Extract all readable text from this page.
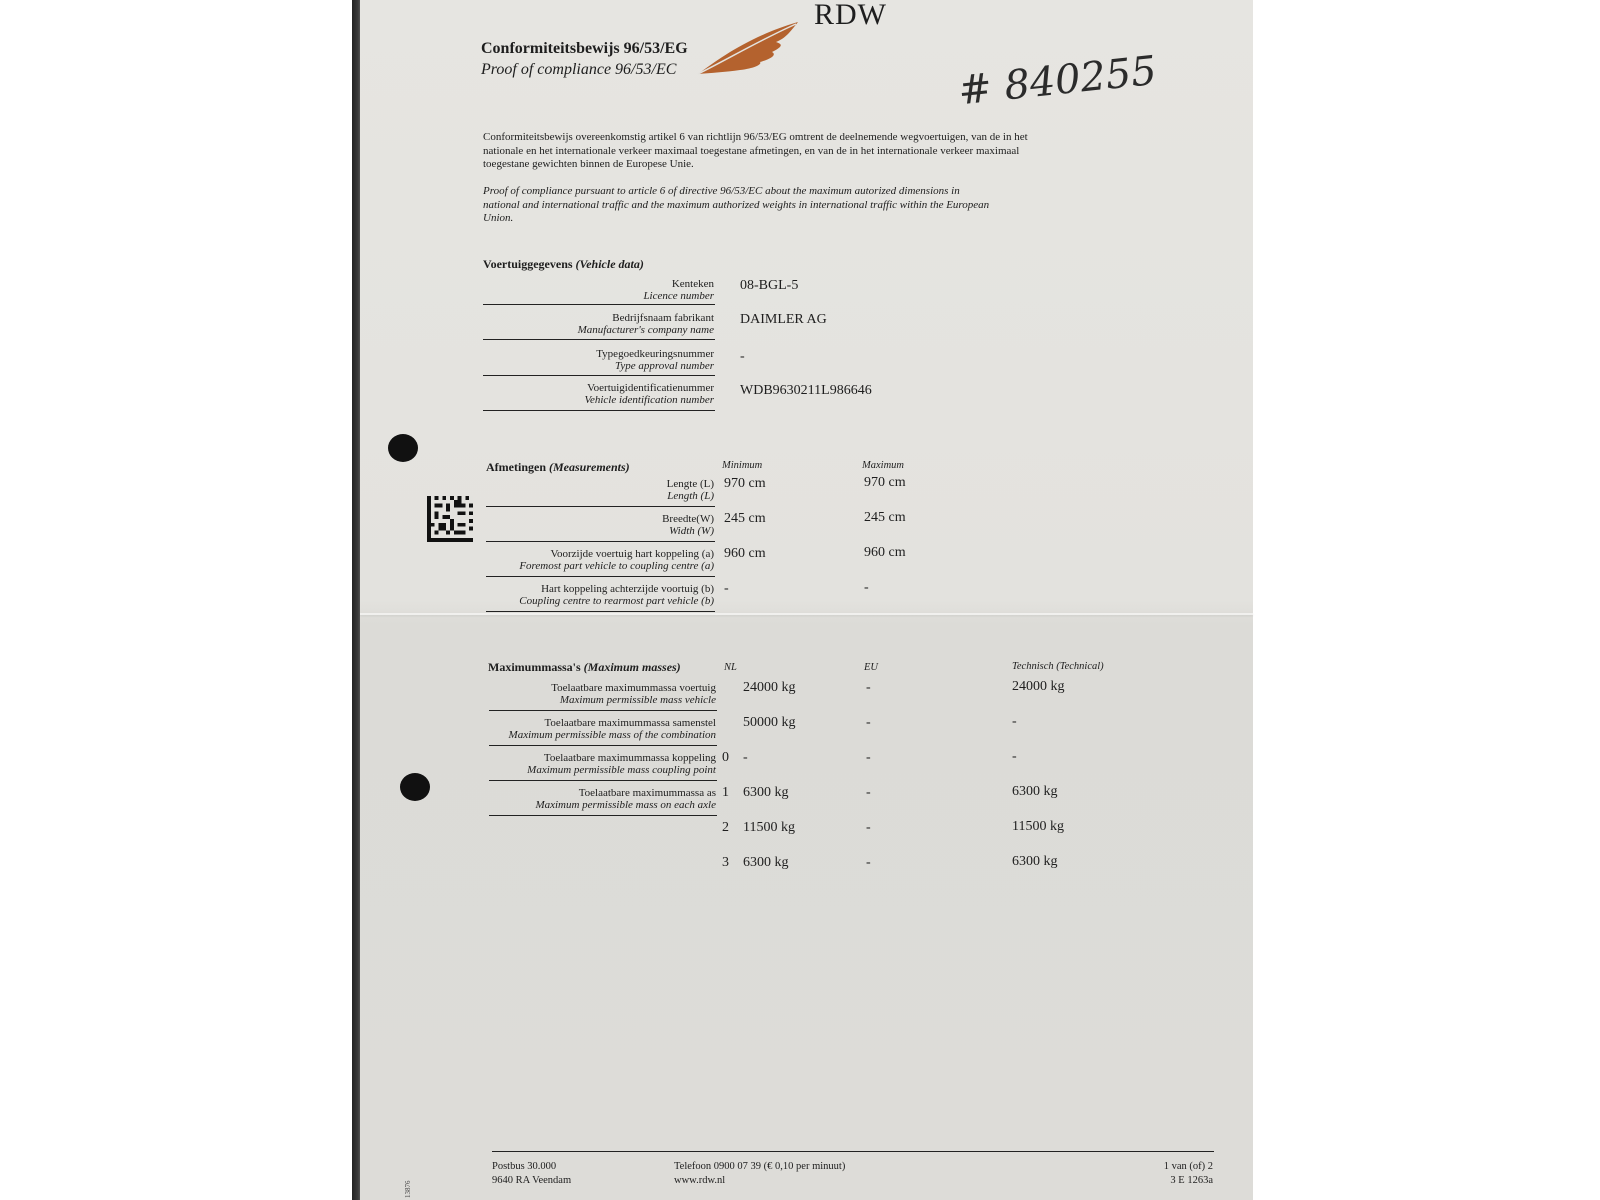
Conformiteitsbewijs 96/53/EG
Proof of compliance 96/53/EC
RDW
# 840255
Conformiteitsbewijs overeenkomstig artikel 6 van richtlijn 96/53/EG omtrent de deelnemende wegvoertuigen, van de in het nationale en het internationale verkeer maximaal toegestane afmetingen, en van de in het internationale verkeer maximaal toegestane gewichten binnen de Europese Unie.
Proof of compliance pursuant to article 6 of directive 96/53/EC about the maximum autorized dimensions in national and international traffic and the maximum authorized weights in international traffic within the European Union.
Voertuiggegevens (Vehicle data)
Kenteken
Licence number
08-BGL-5
Bedrijfsnaam fabrikant
Manufacturer's company name
DAIMLER AG
Typegoedkeuringsnummer
Type approval number
-
Voertuigidentificatienummer
Vehicle identification number
WDB9630211L986646
Afmetingen (Measurements)	Minimum	Maximum
Lengte (L)
Length (L)
970 cm	970 cm
Breedte(W)
Width (W)
245 cm	245 cm
Voorzijde voertuig hart koppeling (a)
Foremost part vehicle to coupling centre (a)
960 cm	960 cm
Hart koppeling achterzijde voortuig (b)
Coupling centre to rearmost part vehicle (b)
-	-
Maximummassa's (Maximum masses)	NL	EU	Technisch (Technical)
Toelaatbare maximummassa voertuig
Maximum permissible mass vehicle
24000 kg	-	24000 kg
Toelaatbare maximummassa samenstel
Maximum permissible mass of the combination
50000 kg	-	-
Toelaatbare maximummassa koppeling
Maximum permissible mass coupling point
0 -	-	-
Toelaatbare maximummassa as
Maximum permissible mass on each axle
1 6300 kg	-	6300 kg
2 11500 kg	-	11500 kg
3 6300 kg	-	6300 kg
Postbus 30.000
9640 RA Veendam
Telefoon 0900 07 39 (€ 0,10 per minuut)
www.rdw.nl
1 van (of) 2
3 E 1263a
13876
